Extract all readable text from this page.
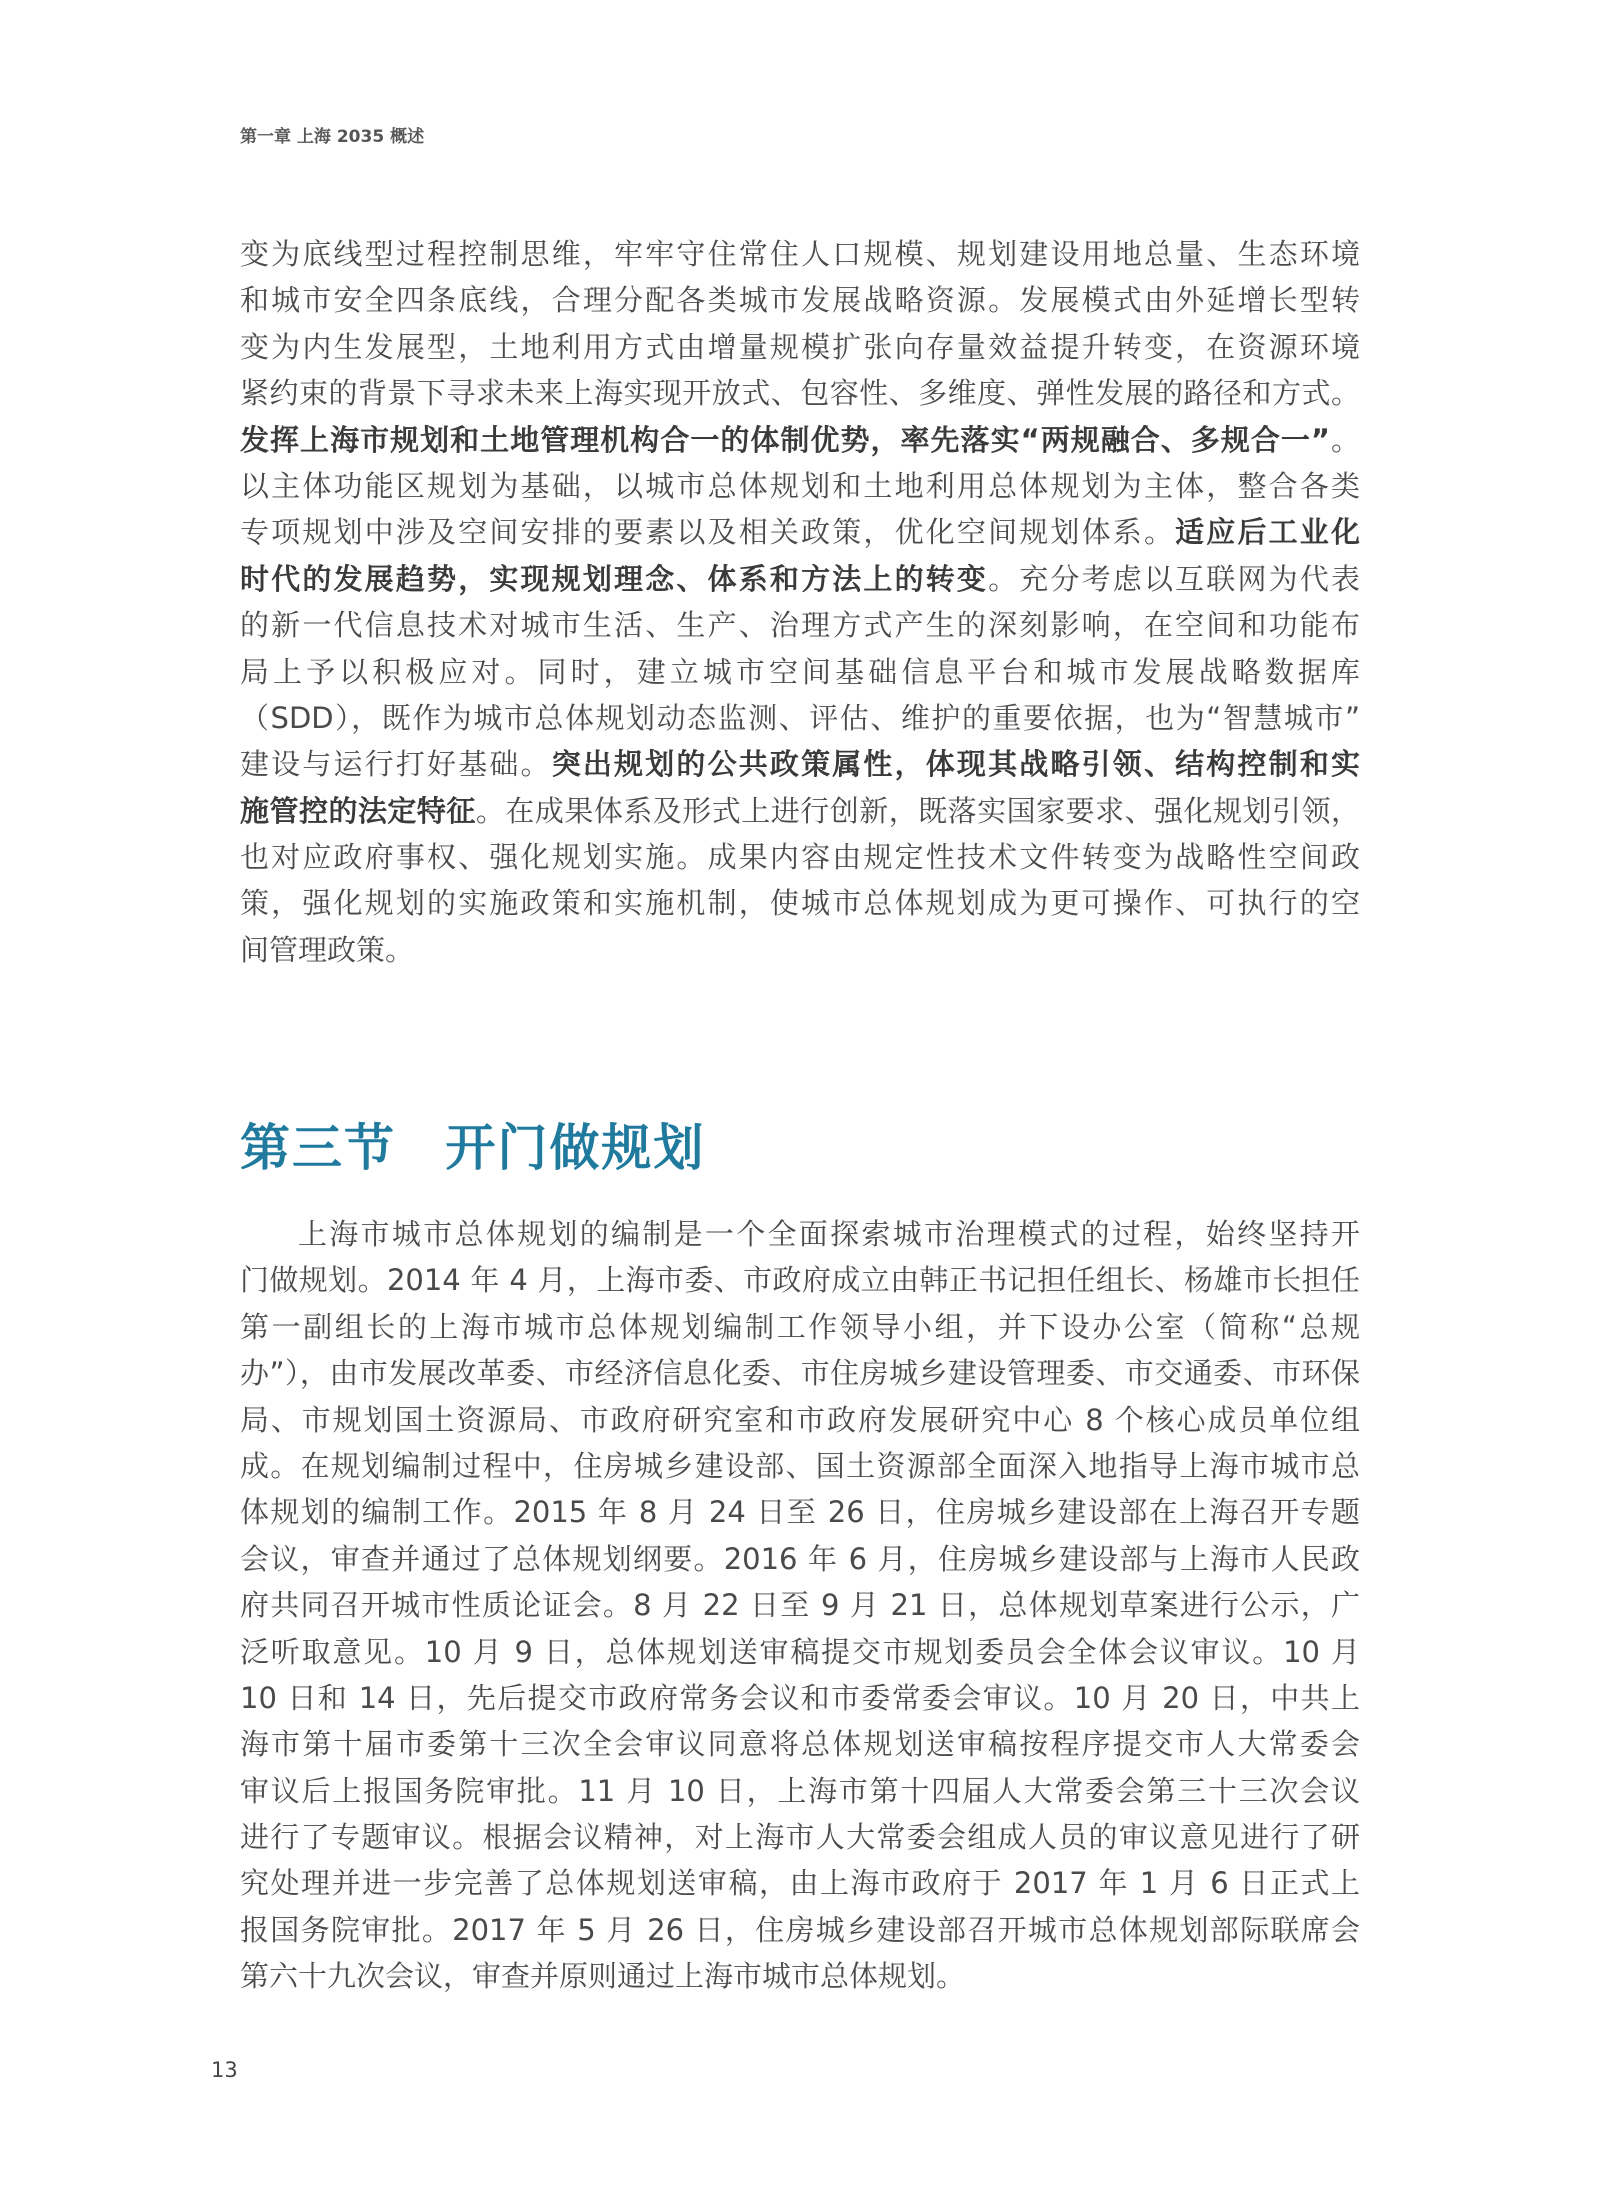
第一章 上海 2035 概述
变为底线型过程控制思维，牢牢守住常住人口规模、规划建设用地总量、生态环境
和城市安全四条底线，合理分配各类城市发展战略资源。发展模式由外延增长型转
变为内生发展型，土地利用方式由增量规模扩张向存量效益提升转变，在资源环境
紧约束的背景下寻求未来上海实现开放式、包容性、多维度、弹性发展的路径和方式。
发挥上海市规划和土地管理机构合一的体制优势，率先落实“两规融合、多规合一”。
以主体功能区规划为基础，以城市总体规划和土地利用总体规划为主体，整合各类
专项规划中涉及空间安排的要素以及相关政策，优化空间规划体系。适应后工业化
时代的发展趋势，实现规划理念、体系和方法上的转变。充分考虑以互联网为代表
的新一代信息技术对城市生活、生产、治理方式产生的深刻影响，在空间和功能布
局上予以积极应对。同时，建立城市空间基础信息平台和城市发展战略数据库
（SDD），既作为城市总体规划动态监测、评估、维护的重要依据，也为“智慧城市”
建设与运行打好基础。突出规划的公共政策属性，体现其战略引领、结构控制和实
施管控的法定特征。在成果体系及形式上进行创新，既落实国家要求、强化规划引领，
也对应政府事权、强化规划实施。成果内容由规定性技术文件转变为战略性空间政
策，强化规划的实施政策和实施机制，使城市总体规划成为更可操作、可执行的空
间管理政策。
第三节 开门做规划
上海市城市总体规划的编制是一个全面探索城市治理模式的过程，始终坚持开
门做规划。2014 年 4 月，上海市委、市政府成立由韩正书记担任组长、杨雄市长担任
第一副组长的上海市城市总体规划编制工作领导小组，并下设办公室（简称“总规
办”），由市发展改革委、市经济信息化委、市住房城乡建设管理委、市交通委、市环保
局、市规划国土资源局、市政府研究室和市政府发展研究中心 8 个核心成员单位组
成。在规划编制过程中，住房城乡建设部、国土资源部全面深入地指导上海市城市总
体规划的编制工作。2015 年 8 月 24 日至 26 日，住房城乡建设部在上海召开专题
会议，审查并通过了总体规划纲要。2016 年 6 月，住房城乡建设部与上海市人民政
府共同召开城市性质论证会。8 月 22 日至 9 月 21 日，总体规划草案进行公示，广
泛听取意见。10 月 9 日，总体规划送审稿提交市规划委员会全体会议审议。10 月
10 日和 14 日，先后提交市政府常务会议和市委常委会审议。10 月 20 日，中共上
海市第十届市委第十三次全会审议同意将总体规划送审稿按程序提交市人大常委会
审议后上报国务院审批。11 月 10 日，上海市第十四届人大常委会第三十三次会议
进行了专题审议。根据会议精神，对上海市人大常委会组成人员的审议意见进行了研
究处理并进一步完善了总体规划送审稿，由上海市政府于 2017 年 1 月 6 日正式上
报国务院审批。2017 年 5 月 26 日，住房城乡建设部召开城市总体规划部际联席会
第六十九次会议，审查并原则通过上海市城市总体规划。
13
